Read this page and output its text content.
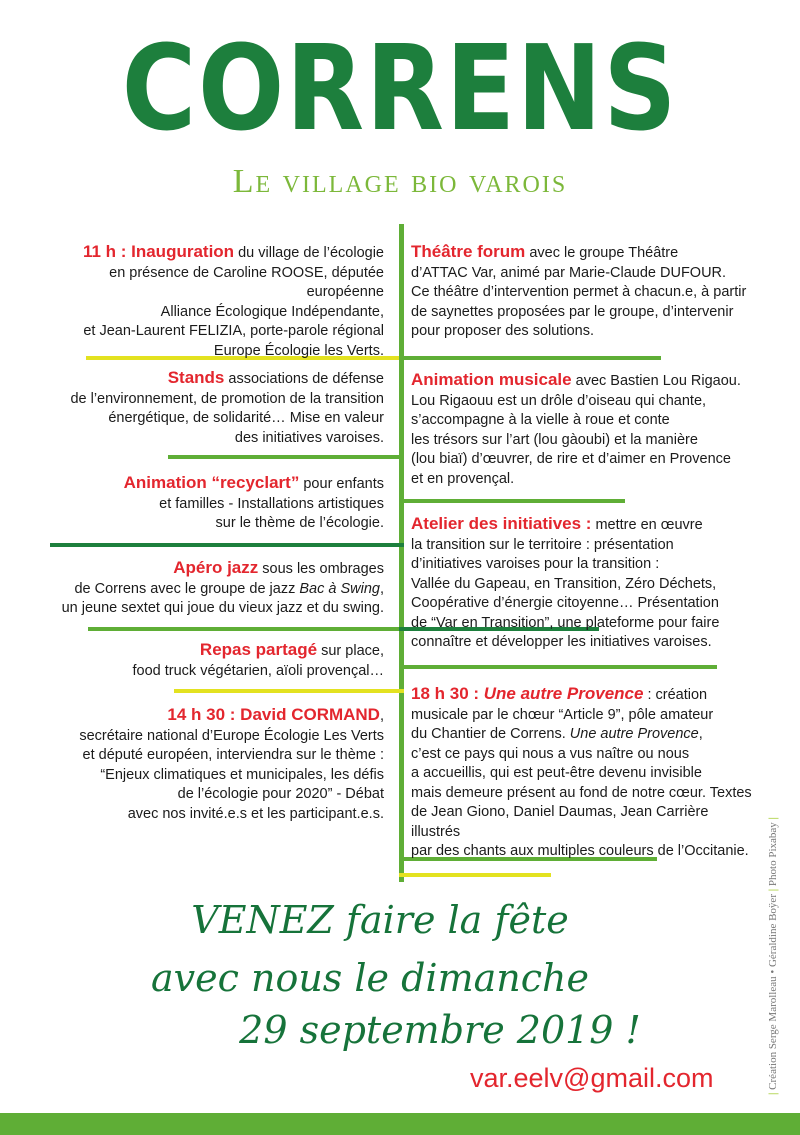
CORRENS
Le village bio varois

11 h : Inauguration du village de l’écologie

en présence de Caroline ROOSE, députée européenne

Alliance Écologique Indépendante,

et Jean-Laurent FELIZIA, porte-parole régional

Europe Écologie les Verts.

Stands associations de défense

de l’environnement, de promotion de la transition

énergétique, de solidarité… Mise en valeur

des initiatives varoises.

Animation “recyclart” pour enfants

et familles - Installations artistiques

sur le thème de l’écologie.

Apéro jazz sous les ombrages

de Correns avec le groupe de jazz Bac à Swing,

un jeune sextet qui joue du vieux jazz et du swing.

Repas partagé sur place,

food truck végétarien, aïoli provençal…

14 h 30 : David CORMAND,

secrétaire national d’Europe Écologie Les Verts

et député européen, interviendra sur le thème :

“Enjeux climatiques et municipales, les défis

de l’écologie pour 2020” - Débat

avec nos invité.e.s et les participant.e.s.

Théâtre forum avec le groupe Théâtre

d’ATTAC Var, animé par Marie-Claude DUFOUR.

Ce théâtre d’intervention permet à chacun.e, à partir

de saynettes proposées par le groupe, d’intervenir

pour proposer des solutions.

Animation musicale avec Bastien Lou Rigaou.

Lou Rigaouu est un drôle d’oiseau qui chante,

s’accompagne à la vielle à roue et conte

les trésors sur l’art (lou gàoubi) et la manière

(lou biaï) d’œuvrer, de rire et d’aimer en Provence

et en provençal.

Atelier des initiatives : mettre en œuvre

la transition sur le territoire : présentation

d’initiatives varoises pour la transition :

Vallée du Gapeau, en Transition, Zéro Déchets,

Coopérative d’énergie citoyenne… Présentation

de “Var en Transition”, une plateforme pour faire

connaître et développer les initiatives varoises.

18 h 30 : Une autre Provence : création

musicale par le chœur “Article 9”, pôle amateur

du Chantier de Correns. Une autre Provence,

c’est ce pays qui nous a vus naître ou nous

a accueillis, qui est peut-être devenu invisible

mais demeure présent au fond de notre cœur. Textes

de Jean Giono, Daniel Daumas, Jean Carrière illustrés

par des chants aux multiples couleurs de l’Occitanie.

VENEZ faire la fête
avec nous le dimanche
29 septembre 2019 !
var.eelv@gmail.com
| Création Serge Marolleau • Géraldine Boÿer | Photo Pixabay |
